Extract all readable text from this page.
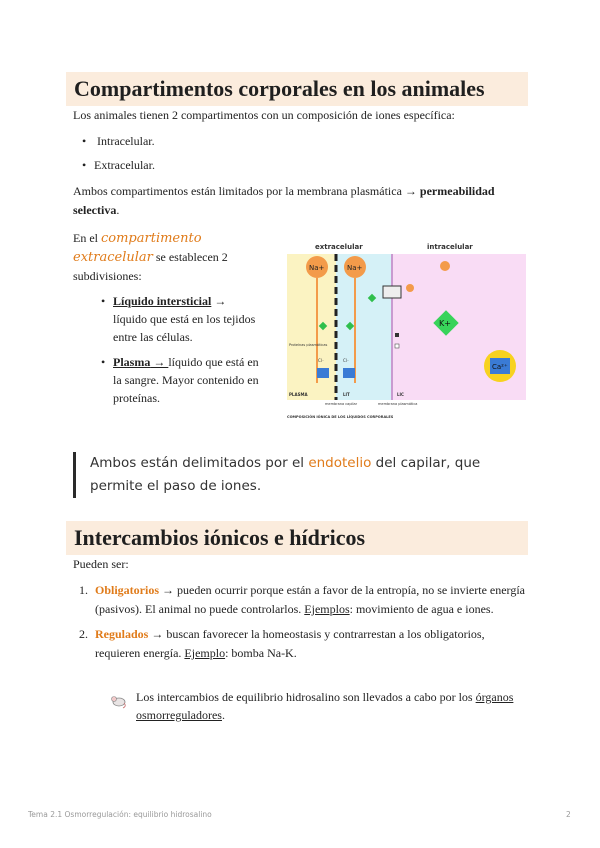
Compartimentos corporales en los animales
Los animales tienen 2 compartimentos con un composición de iones específica:
• Intracelular.
• Extracelular.
Ambos compartimentos están limitados por la membrana plasmática → permeabilidad selectiva.
En el compartimento extracelular se establecen 2 subdivisiones:
• Líquido intersticial → líquido que está en los tejidos entre las células.
• Plasma → líquido que está en la sangre. Mayor contenido en proteínas.
extracelular	intracelular
Na+	Na+
K+
Proteínas plasmáticas
Cl⁻	Cl⁻
Ca²⁺
PLASMA	LIT	LIC
membrana capilar	membrana plasmática
COMPOSICIÓN IÓNICA DE LOS LÍQUIDOS CORPORALES
Ambos están delimitados por el endotelio del capilar, que permite el paso de iones.
Intercambios iónicos e hídricos
Pueden ser:
1. Obligatorios → pueden ocurrir porque están a favor de la entropía, no se invierte energía (pasivos). El animal no puede controlarlos. Ejemplos: movimiento de agua e iones.
2. Regulados → buscan favorecer la homeostasis y contrarrestan a los obligatorios, requieren energía. Ejemplo: bomba Na-K.
Los intercambios de equilibrio hidrosalino son llevados a cabo por los órganos osmorreguladores.
Tema 2.1 Osmorregulación: equilibrio hidrosalino	2
